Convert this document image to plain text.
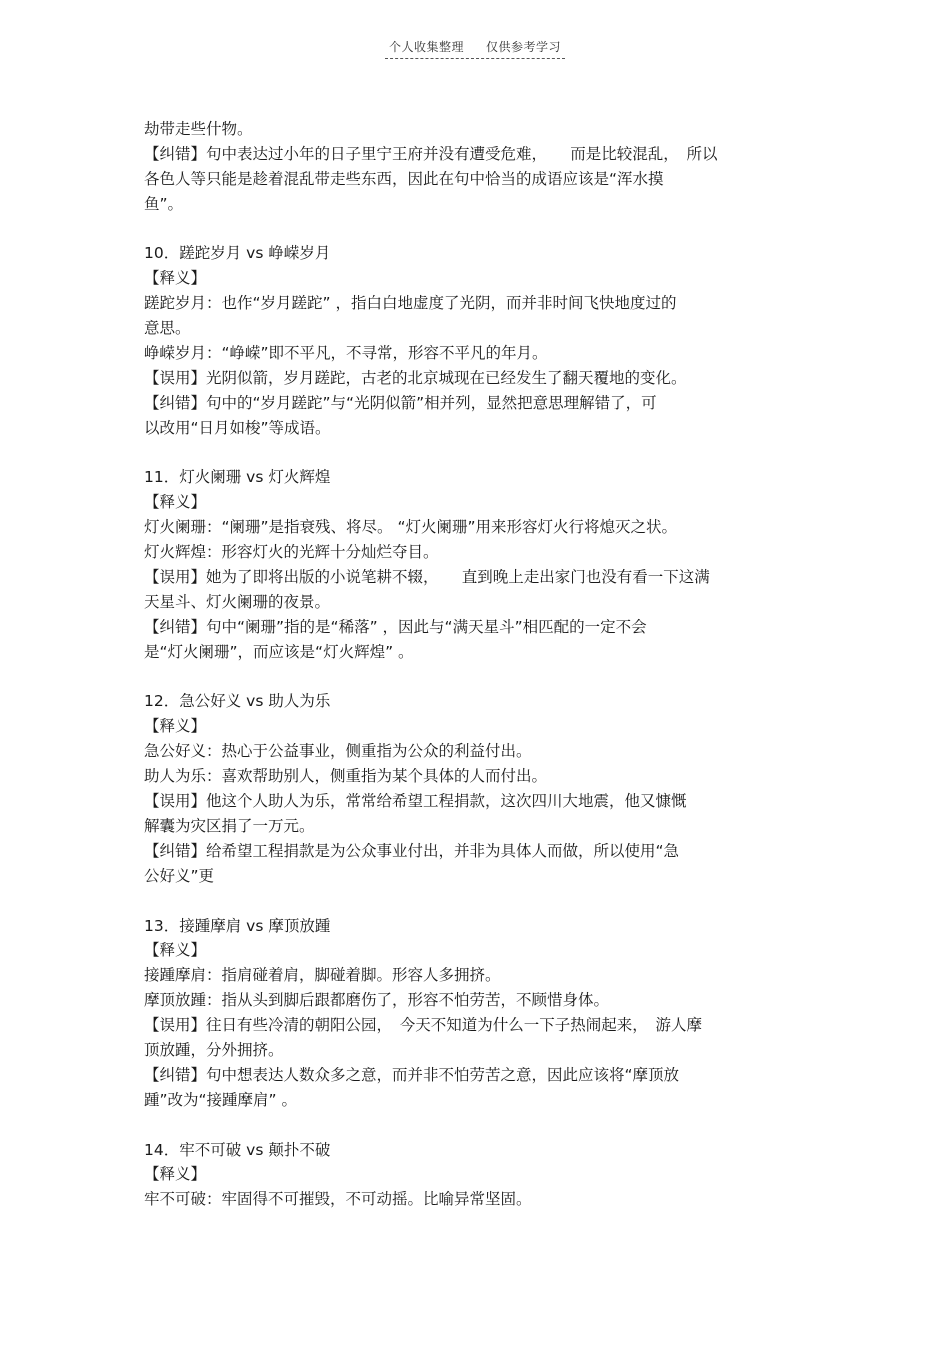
个人收集整理 仅供参考学习
劫带走些什物。
【纠错】句中表达过小年的日子里宁王府并没有遭受危难，　　而是比较混乱，　所以
各色人等只能是趁着混乱带走些东西，因此在句中恰当的成语应该是“浑水摸
鱼”。
10．蹉跎岁月 vs 峥嵘岁月
【释义】
蹉跎岁月：也作“岁月蹉跎” ，指白白地虚度了光阴，而并非时间飞快地度过的
意思。
峥嵘岁月：“峥嵘”即不平凡，不寻常，形容不平凡的年月。
【误用】光阴似箭，岁月蹉跎，古老的北京城现在已经发生了翻天覆地的变化。
【纠错】句中的“岁月蹉跎”与“光阴似箭”相并列，显然把意思理解错了，可
以改用“日月如梭”等成语。
11．灯火阑珊 vs 灯火辉煌
【释义】
灯火阑珊：“阑珊”是指衰残、将尽。 “灯火阑珊”用来形容灯火行将熄灭之状。
灯火辉煌：形容灯火的光辉十分灿烂夺目。
【误用】她为了即将出版的小说笔耕不辍，　　直到晚上走出家门也没有看一下这满
天星斗、灯火阑珊的夜景。
【纠错】句中“阑珊”指的是“稀落” ，因此与“满天星斗”相匹配的一定不会
是“灯火阑珊”，而应该是“灯火辉煌” 。
12．急公好义 vs 助人为乐
【释义】
急公好义：热心于公益事业，侧重指为公众的利益付出。
助人为乐：喜欢帮助别人，侧重指为某个具体的人而付出。
【误用】他这个人助人为乐，常常给希望工程捐款，这次四川大地震，他又慷慨
解囊为灾区捐了一万元。
【纠错】给希望工程捐款是为公众事业付出，并非为具体人而做，所以使用“急
公好义”更
13．接踵摩肩 vs 摩顶放踵
【释义】
接踵摩肩：指肩碰着肩，脚碰着脚。形容人多拥挤。
摩顶放踵：指从头到脚后跟都磨伤了，形容不怕劳苦，不顾惜身体。
【误用】往日有些冷清的朝阳公园，　今天不知道为什么一下子热闹起来，　游人摩
顶放踵，分外拥挤。
【纠错】句中想表达人数众多之意，而并非不怕劳苦之意，因此应该将“摩顶放
踵”改为“接踵摩肩” 。
14．牢不可破 vs 颠扑不破
【释义】
牢不可破：牢固得不可摧毁，不可动摇。比喻异常坚固。
